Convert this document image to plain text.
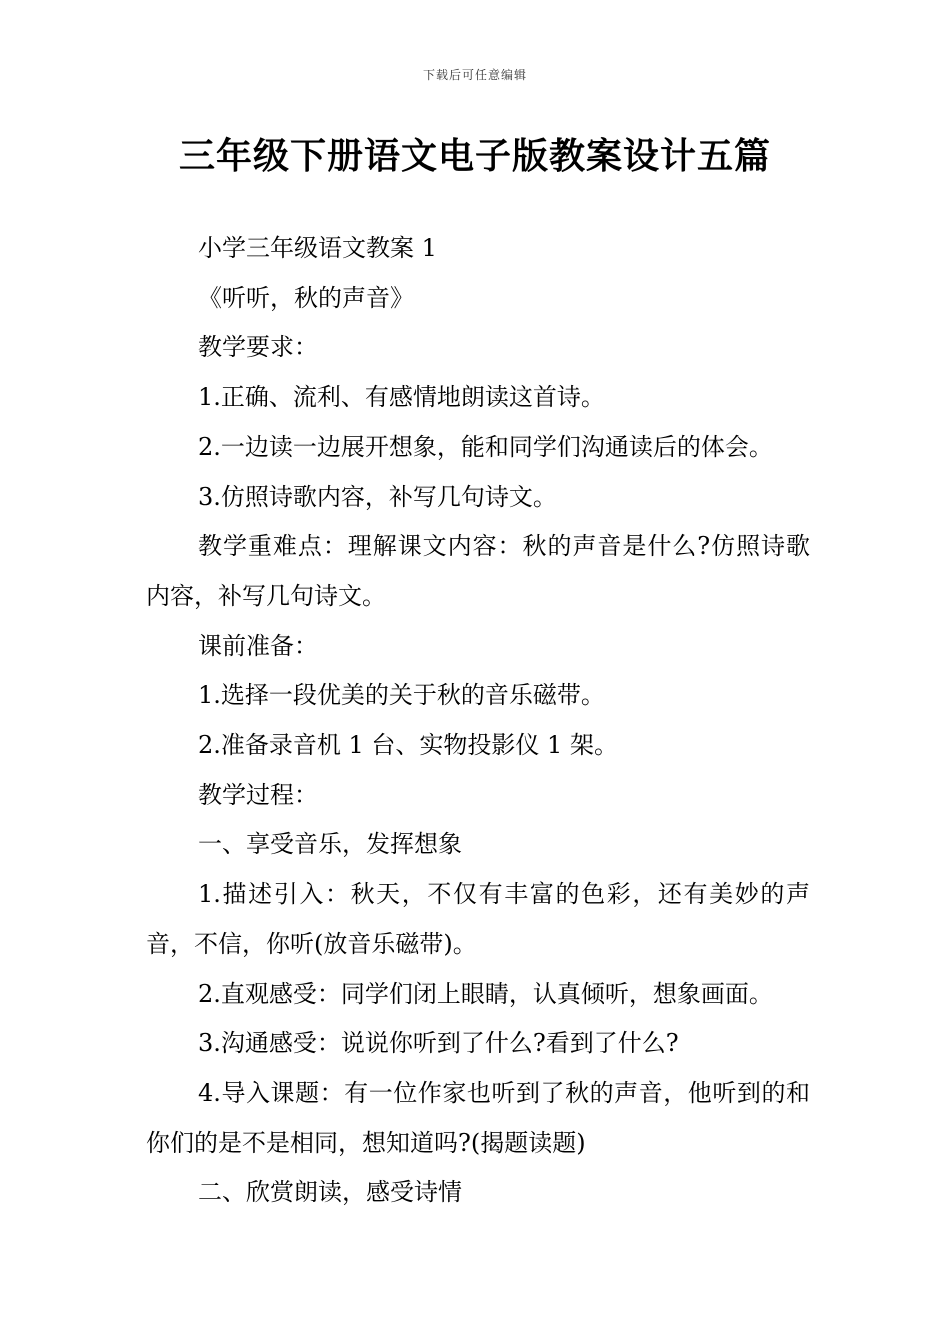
下载后可任意编辑
三年级下册语文电子版教案设计五篇

小学三年级语文教案 1

《听听，秋的声音》

教学要求：

1.正确、流利、有感情地朗读这首诗。

2.一边读一边展开想象，能和同学们沟通读后的体会。

3.仿照诗歌内容，补写几句诗文。

教学重难点：理解课文内容：秋的声音是什么?仿照诗歌内容，补写几句诗文。

课前准备：

1.选择一段优美的关于秋的音乐磁带。

2.准备录音机 1 台、实物投影仪 1 架。

教学过程：

一、享受音乐，发挥想象

1.描述引入：秋天，不仅有丰富的色彩，还有美妙的声音，不信，你听(放音乐磁带)。

2.直观感受：同学们闭上眼睛，认真倾听，想象画面。

3.沟通感受：说说你听到了什么?看到了什么?

4.导入课题：有一位作家也听到了秋的声音，他听到的和你们的是不是相同，想知道吗?(揭题读题)

二、欣赏朗读，感受诗情
